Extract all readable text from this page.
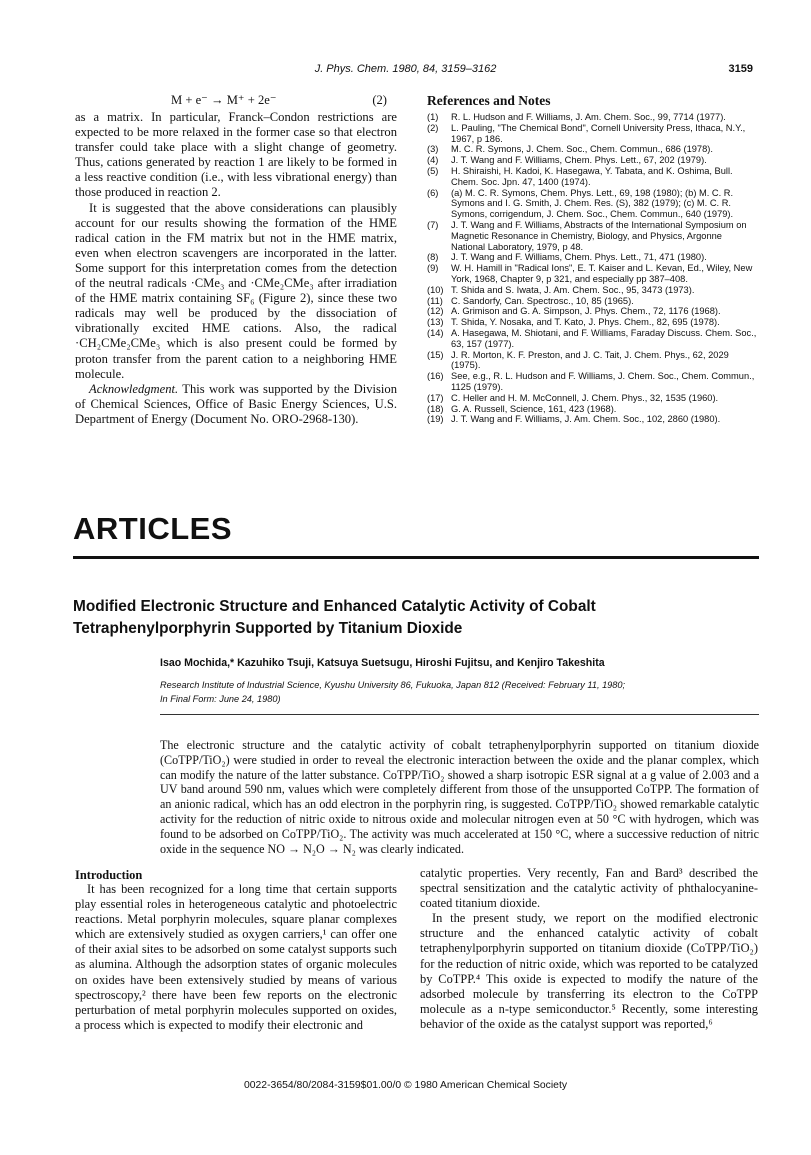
J. Phys. Chem. 1980, 84, 3159–3162	3159
M + e⁻ → M⁺ + 2e⁻	(2)

as a matrix. In particular, Franck–Condon restrictions are expected to be more relaxed in the former case so that electron transfer could take place with a slight change of geometry. Thus, cations generated by reaction 1 are likely to be formed in a less reactive condition (i.e., with less vibrational energy) than those produced in reaction 2.

It is suggested that the above considerations can plausibly account for our results showing the formation of the HME radical cation in the FM matrix but not in the HME matrix, even when electron scavengers are incorporated in the latter. Some support for this interpretation comes from the detection of the neutral radicals ·CMe₃ and ·CMe₂CMe₃ after irradiation of the HME matrix containing SF₆ (Figure 2), since these two radicals may well be produced by the dissociation of vibrationally excited HME cations. Also, the radical ·CH₂CMe₂CMe₃ which is also present could be formed by proton transfer from the parent cation to a neighboring HME molecule.

Acknowledgment. This work was supported by the Division of Chemical Sciences, Office of Basic Energy Sciences, U.S. Department of Energy (Document No. ORO-2968-130).

References and Notes
(1)	R. L. Hudson and F. Williams, J. Am. Chem. Soc., 99, 7714 (1977).
(2)	L. Pauling, "The Chemical Bond", Cornell University Press, Ithaca, N.Y., 1967, p 186.
(3)	M. C. R. Symons, J. Chem. Soc., Chem. Commun., 686 (1978).
(4)	J. T. Wang and F. Williams, Chem. Phys. Lett., 67, 202 (1979).
(5)	H. Shiraishi, H. Kadoi, K. Hasegawa, Y. Tabata, and K. Oshima, Bull. Chem. Soc. Jpn. 47, 1400 (1974).
(6)	(a) M. C. R. Symons, Chem. Phys. Lett., 69, 198 (1980); (b) M. C. R. Symons and I. G. Smith, J. Chem. Res. (S), 382 (1979); (c) M. C. R. Symons, corrigendum, J. Chem. Soc., Chem. Commun., 640 (1979).
(7)	J. T. Wang and F. Williams, Abstracts of the International Symposium on Magnetic Resonance in Chemistry, Biology, and Physics, Argonne National Laboratory, 1979, p 48.
(8)	J. T. Wang and F. Williams, Chem. Phys. Lett., 71, 471 (1980).
(9)	W. H. Hamill in "Radical Ions", E. T. Kaiser and L. Kevan, Ed., Wiley, New York, 1968, Chapter 9, p 321, and especially pp 387–408.
(10) T. Shida and S. Iwata, J. Am. Chem. Soc., 95, 3473 (1973).
(11) C. Sandorfy, Can. Spectrosc., 10, 85 (1965).
(12) A. Grimison and G. A. Simpson, J. Phys. Chem., 72, 1176 (1968).
(13) T. Shida, Y. Nosaka, and T. Kato, J. Phys. Chem., 82, 695 (1978).
(14) A. Hasegawa, M. Shiotani, and F. Williams, Faraday Discuss. Chem. Soc., 63, 157 (1977).
(15) J. R. Morton, K. F. Preston, and J. C. Tait, J. Chem. Phys., 62, 2029 (1975).
(16) See, e.g., R. L. Hudson and F. Williams, J. Chem. Soc., Chem. Commun., 1125 (1979).
(17) C. Heller and H. M. McConnell, J. Chem. Phys., 32, 1535 (1960).
(18) G. A. Russell, Science, 161, 423 (1968).
(19) J. T. Wang and F. Williams, J. Am. Chem. Soc., 102, 2860 (1980).
ARTICLES
Modified Electronic Structure and Enhanced Catalytic Activity of Cobalt
Tetraphenylporphyrin Supported by Titanium Dioxide
Isao Mochida,* Kazuhiko Tsuji, Katsuya Suetsugu, Hiroshi Fujitsu, and Kenjiro Takeshita
Research Institute of Industrial Science, Kyushu University 86, Fukuoka, Japan 812 (Received: February 11, 1980;
In Final Form: June 24, 1980)
The electronic structure and the catalytic activity of cobalt tetraphenylporphyrin supported on titanium dioxide (CoTPP/TiO₂) were studied in order to reveal the electronic interaction between the oxide and the planar complex, which can modify the nature of the latter substance. CoTPP/TiO₂ showed a sharp isotropic ESR signal at a g value of 2.003 and a UV band around 590 nm, values which were completely different from those of the unsupported CoTPP. The formation of an anionic radical, which has an odd electron in the porphyrin ring, is suggested. CoTPP/TiO₂ showed remarkable catalytic activity for the reduction of nitric oxide to nitrous oxide and molecular nitrogen even at 50 °C with hydrogen, which was found to be adsorbed on CoTPP/TiO₂. The activity was much accelerated at 150 °C, where a successive reduction of nitric oxide in the sequence NO → N₂O → N₂ was clearly indicated.
Introduction

It has been recognized for a long time that certain supports play essential roles in heterogeneous catalytic and photoelectric reactions. Metal porphyrin molecules, square planar complexes which are extensively studied as oxygen carriers,¹ can offer one of their axial sites to be adsorbed on some catalyst supports such as alumina. Although the adsorption states of organic molecules on oxides have been extensively studied by means of various spectroscopy,² there have been few reports on the electronic perturbation of metal porphyrin molecules supported on oxides, a process which is expected to modify their electronic and

catalytic properties. Very recently, Fan and Bard³ described the spectral sensitization and the catalytic activity of phthalocyanine-coated titanium dioxide.

In the present study, we report on the modified electronic structure and the enhanced catalytic activity of cobalt tetraphenylporphyrin supported on titanium dioxide (CoTPP/TiO₂) for the reduction of nitric oxide, which was reported to be catalyzed by CoTPP.⁴ This oxide is expected to modify the nature of the adsorbed molecule by transferring its electron to the CoTPP molecule as a n-type semiconductor.⁵ Recently, some interesting behavior of the oxide as the catalyst support was reported,⁶

0022-3654/80/2084-3159$01.00/0 © 1980 American Chemical Society
